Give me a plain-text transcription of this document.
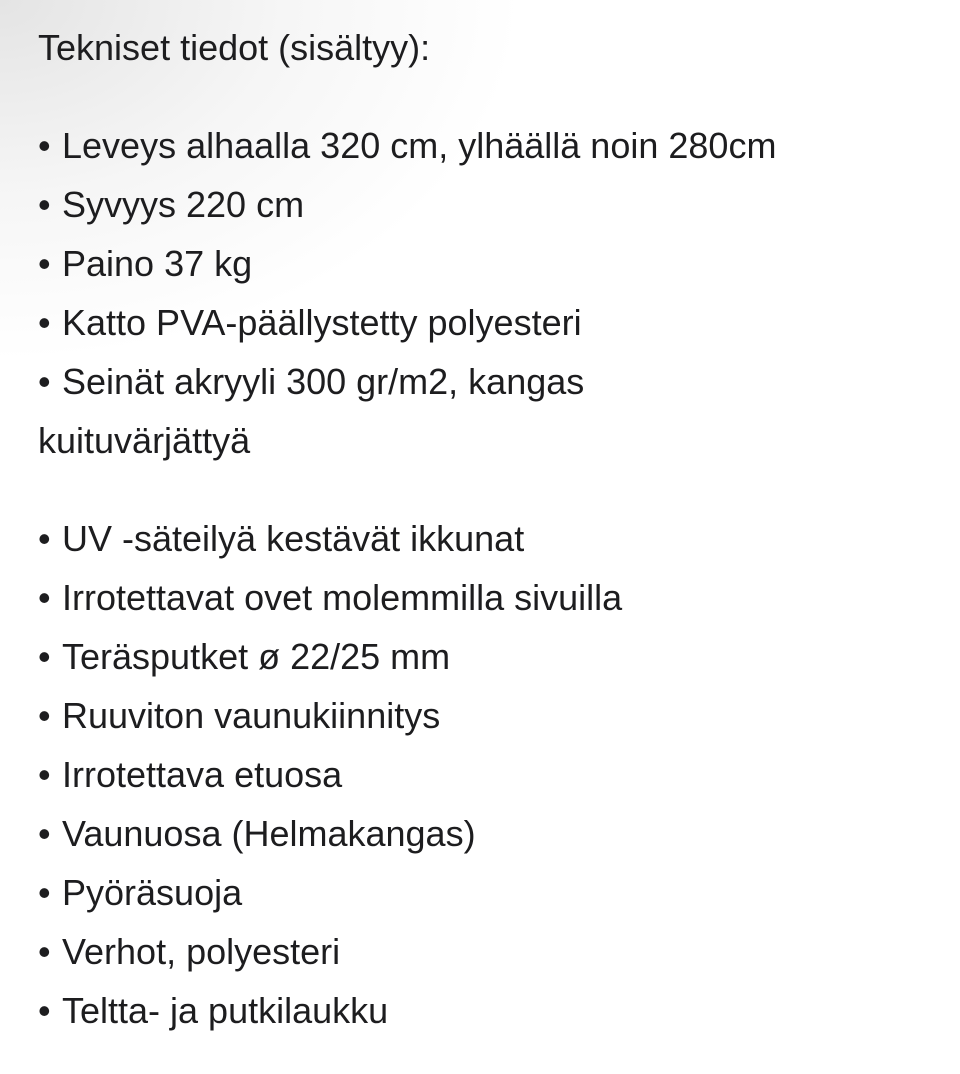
Tekniset tiedot (sisältyy):
• Leveys alhaalla 320 cm, ylhäällä noin 280cm
• Syvyys 220 cm
• Paino 37 kg
• Katto PVA-päällystetty polyesteri
• Seinät akryyli 300 gr/m2, kangas
kuituvärjättyä
• UV -säteilyä kestävät ikkunat
• Irrotettavat ovet molemmilla sivuilla
• Teräsputket ø 22/25 mm
• Ruuviton vaunukiinnitys
• Irrotettava etuosa
• Vaunuosa (Helmakangas)
• Pyöräsuoja
• Verhot, polyesteri
• Teltta- ja putkilaukku
